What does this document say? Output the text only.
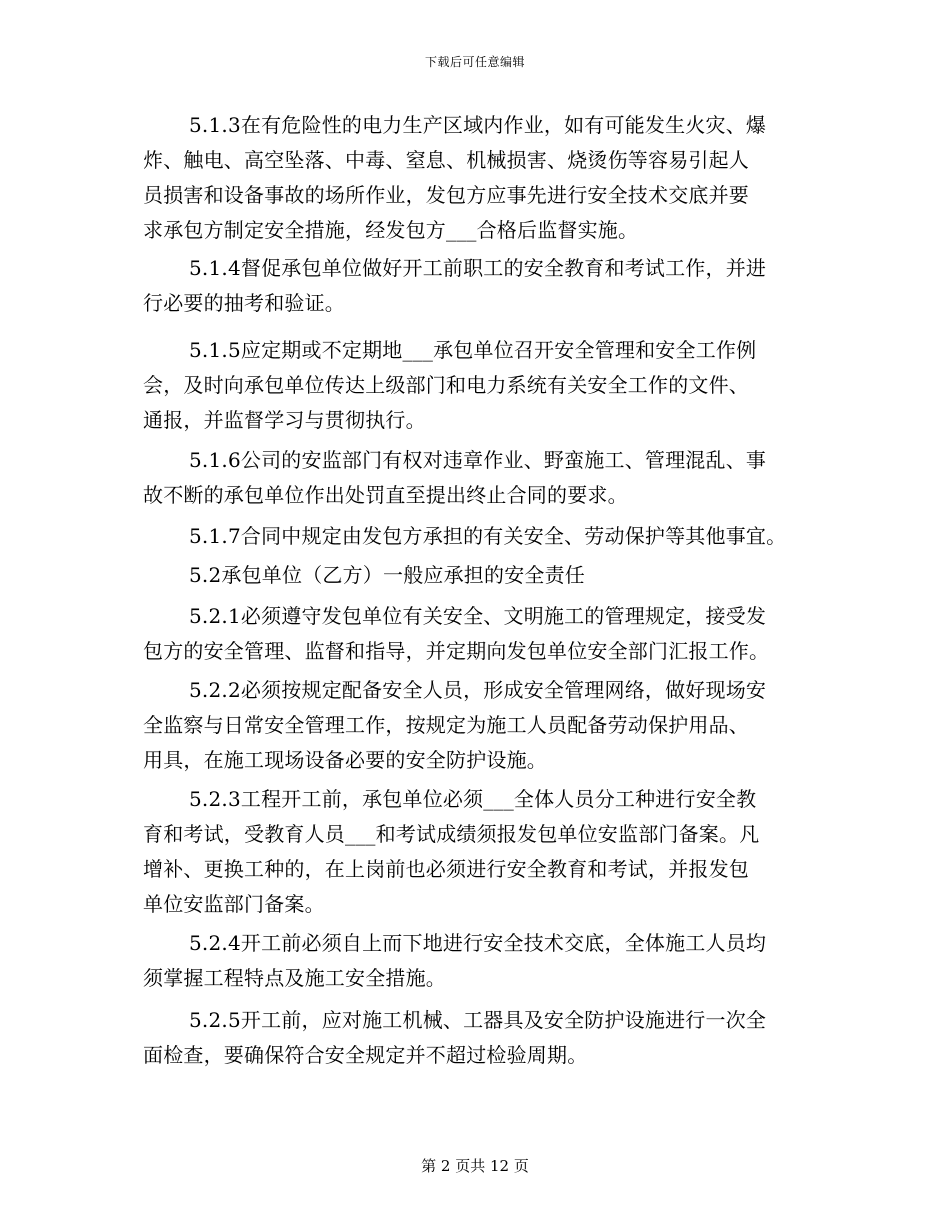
下载后可任意编辑
5.1.3在有危险性的电力生产区域内作业，如有可能发生火灾、爆
炸、触电、高空坠落、中毒、窒息、机械损害、烧烫伤等容易引起人
员损害和设备事故的场所作业，发包方应事先进行安全技术交底并要
求承包方制定安全措施，经发包方___合格后监督实施。
5.1.4督促承包单位做好开工前职工的安全教育和考试工作，并进
行必要的抽考和验证。
5.1.5应定期或不定期地___承包单位召开安全管理和安全工作例
会，及时向承包单位传达上级部门和电力系统有关安全工作的文件、
通报，并监督学习与贯彻执行。
5.1.6公司的安监部门有权对违章作业、野蛮施工、管理混乱、事
故不断的承包单位作出处罚直至提出终止合同的要求。
5.1.7合同中规定由发包方承担的有关安全、劳动保护等其他事宜。
5.2承包单位（乙方）一般应承担的安全责任
5.2.1必须遵守发包单位有关安全、文明施工的管理规定，接受发
包方的安全管理、监督和指导，并定期向发包单位安全部门汇报工作。
5.2.2必须按规定配备安全人员，形成安全管理网络，做好现场安
全监察与日常安全管理工作，按规定为施工人员配备劳动保护用品、
用具，在施工现场设备必要的安全防护设施。
5.2.3工程开工前，承包单位必须___全体人员分工种进行安全教
育和考试，受教育人员___和考试成绩须报发包单位安监部门备案。凡
增补、更换工种的，在上岗前也必须进行安全教育和考试，并报发包
单位安监部门备案。
5.2.4开工前必须自上而下地进行安全技术交底，全体施工人员均
须掌握工程特点及施工安全措施。
5.2.5开工前，应对施工机械、工器具及安全防护设施进行一次全
面检查，要确保符合安全规定并不超过检验周期。
第 2 页共 12 页
